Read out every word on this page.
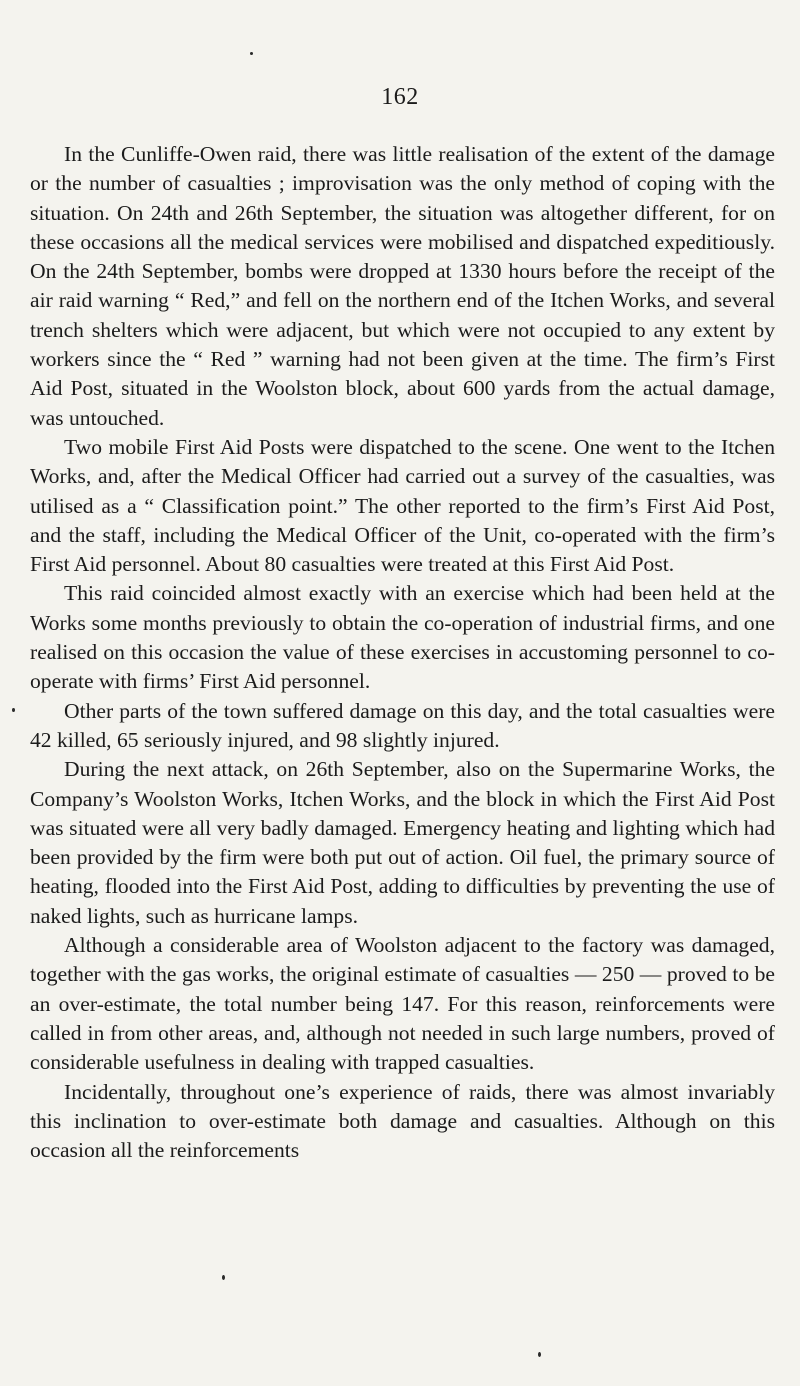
162

In the Cunliffe-Owen raid, there was little realisation of the extent of the damage or the number of casualties ; improvisation was the only method of coping with the situation. On 24th and 26th September, the situation was altogether different, for on these occasions all the medical services were mobilised and dispatched expeditiously. On the 24th September, bombs were dropped at 1330 hours before the receipt of the air raid warning “ Red,” and fell on the northern end of the Itchen Works, and several trench shelters which were adjacent, but which were not occupied to any extent by workers since the “ Red ” warning had not been given at the time. The firm’s First Aid Post, situated in the Woolston block, about 600 yards from the actual damage, was untouched.

Two mobile First Aid Posts were dispatched to the scene. One went to the Itchen Works, and, after the Medical Officer had carried out a survey of the casualties, was utilised as a “ Classification point.” The other reported to the firm’s First Aid Post, and the staff, including the Medical Officer of the Unit, co-operated with the firm’s First Aid personnel. About 80 casualties were treated at this First Aid Post.

This raid coincided almost exactly with an exercise which had been held at the Works some months previously to obtain the co-operation of industrial firms, and one realised on this occasion the value of these exercises in accustoming personnel to co-operate with firms’ First Aid personnel.

Other parts of the town suffered damage on this day, and the total casualties were 42 killed, 65 seriously injured, and 98 slightly injured.

During the next attack, on 26th September, also on the Supermarine Works, the Company’s Woolston Works, Itchen Works, and the block in which the First Aid Post was situated were all very badly damaged. Emergency heating and lighting which had been provided by the firm were both put out of action. Oil fuel, the primary source of heating, flooded into the First Aid Post, adding to difficulties by preventing the use of naked lights, such as hurricane lamps.

Although a considerable area of Woolston adjacent to the factory was damaged, together with the gas works, the original estimate of casualties — 250 — proved to be an over-estimate, the total number being 147. For this reason, reinforcements were called in from other areas, and, although not needed in such large numbers, proved of considerable usefulness in dealing with trapped casualties.

Incidentally, throughout one’s experience of raids, there was almost invariably this inclination to over-estimate both damage and casualties. Although on this occasion all the reinforcements
